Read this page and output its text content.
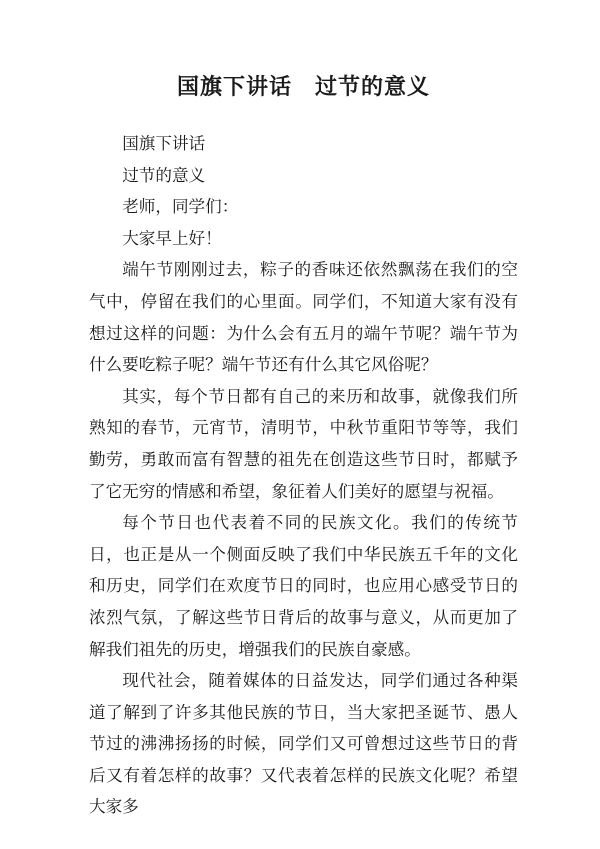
国旗下讲话　过节的意义

国旗下讲话

过节的意义

老师，同学们：

大家早上好！

端午节刚刚过去，粽子的香味还依然飘荡在我们的空气中，停留在我们的心里面。同学们，不知道大家有没有想过这样的问题：为什么会有五月的端午节呢？端午节为什么要吃粽子呢？端午节还有什么其它风俗呢？

其实，每个节日都有自己的来历和故事，就像我们所熟知的春节，元宵节，清明节，中秋节重阳节等等，我们勤劳，勇敢而富有智慧的祖先在创造这些节日时，都赋予了它无穷的情感和希望，象征着人们美好的愿望与祝福。

每个节日也代表着不同的民族文化。我们的传统节日，也正是从一个侧面反映了我们中华民族五千年的文化和历史，同学们在欢度节日的同时，也应用心感受节日的浓烈气氛，了解这些节日背后的故事与意义，从而更加了解我们祖先的历史，增强我们的民族自豪感。

现代社会，随着媒体的日益发达，同学们通过各种渠道了解到了许多其他民族的节日，当大家把圣诞节、愚人节过的沸沸扬扬的时候，同学们又可曾想过这些节日的背后又有着怎样的故事？又代表着怎样的民族文化呢？希望大家多
